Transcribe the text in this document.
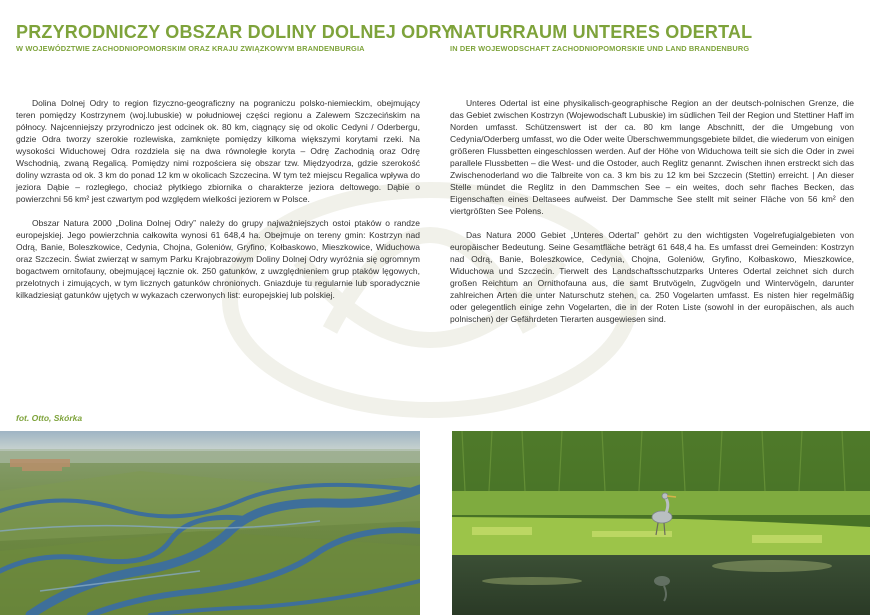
PRZYRODNICZY OBSZAR DOLINY DOLNEJ ODRY
W WOJEWÓDZTWIE ZACHODNIOPOMORSKIM ORAZ KRAJU ZWIĄZKOWYM BRANDENBURGIA

Dolina Dolnej Odry to region fizyczno-geograficzny na pograniczu polsko-niemieckim, obejmujący teren pomiędzy Kostrzynem (woj.lubuskie) w południowej części regionu a Zalewem Szczecińskim na północy. Najcenniejszy przyrodniczo jest odcinek ok. 80 km, ciągnący się od okolic Cedyni / Oderbergu, gdzie Odra tworzy szerokie rozlewiska, zamknięte pomiędzy kilkoma większymi korytami rzeki. Na wysokości Widuchowej Odra rozdziela się na dwa równoległe koryta – Odrę Zachodnią oraz Odrę Wschodnią, zwaną Regalicą. Pomiędzy nimi rozpościera się obszar tzw. Międzyodrza, gdzie szerokość doliny wzrasta od ok. 3 km do ponad 12 km w okolicach Szczecina. W tym też miejscu Regalica wpływa do jeziora Dąbie – rozległego, chociaż płytkiego zbiornika o charakterze jeziora deltowego. Dąbie o powierzchni 56 km² jest czwartym pod względem wielkości jeziorem w Polsce.

Obszar Natura 2000 „Dolina Dolnej Odry” należy do grupy najważniejszych ostoi ptaków o randze europejskiej. Jego powierzchnia całkowita wynosi 61 648,4 ha. Obejmuje on tereny gmin: Kostrzyn nad Odrą, Banie, Boleszkowice, Cedynia, Chojna, Goleniów, Gryfino, Kołbaskowo, Mieszkowice, Widuchowa oraz Szczecin. Świat zwierząt w samym Parku Krajobrazowym Doliny Dolnej Odry wyróżnia się ogromnym bogactwem ornitofauny, obejmującej łącznie ok. 250 gatunków, z uwzględnieniem grup ptaków lęgowych, przelotnych i zimujących, w tym licznych gatunków chronionych. Gniazduje tu regularnie lub sporadycznie kilkadziesiąt gatunków ujętych w wykazach czerwonych list: europejskiej lub polskiej.

NATURRAUM UNTERES ODERTAL
IN DER WOJEWODSCHAFT ZACHODNIOPOMORSKIE UND LAND BRANDENBURG

Unteres Odertal ist eine physikalisch-geographische Region an der deutsch-polnischen Grenze, die das Gebiet zwischen Kostrzyn (Wojewodschaft Lubuskie) im südlichen Teil der Region und Stettiner Haff im Norden umfasst. Schützenswert ist der ca. 80 km lange Abschnitt, der die Umgebung von Cedynia/Oderberg umfasst, wo die Oder weite Überschwemmungsgebiete bildet, die wiederum von einigen größeren Flussbetten eingeschlossen werden. Auf der Höhe von Widuchowa teilt sie sich die Oder in zwei parallele Flussbetten – die West- und die Ostoder, auch Reglitz genannt. Zwischen ihnen erstreckt sich das Zwischenoderland wo die Talbreite von ca. 3 km bis zu 12 km bei Szczecin (Stettin) erreicht. | An dieser Stelle mündet die Reglitz in den Dammschen See – ein weites, doch sehr flaches Becken, das Eigenschaften eines Deltasees aufweist. Der Dammsche See stellt mit seiner Fläche von 56 km² den viertgrößten See Polens.

Das Natura 2000 Gebiet „Unteres Odertal” gehört zu den wichtigsten Vogelrefugialgebieten von europäischer Bedeutung. Seine Gesamtfläche beträgt 61 648,4 ha. Es umfasst drei Gemeinden: Kostrzyn nad Odrą, Banie, Boleszkowice, Cedynia, Chojna, Goleniów, Gryfino, Kołbaskowo, Mieszkowice, Widuchowa und Szczecin. Tierwelt des Landschaftsschutzparks Unteres Odertal zeichnet sich durch großen Reichtum an Ornithofauna aus, die samt Brutvögeln, Zugvögeln und Wintervögeln, darunter zahlreichen Arten die unter Naturschutz stehen, ca. 250 Vogelarten umfasst. Es nisten hier regelmäßig oder gelegentlich einige zehn Vogelarten, die in der Roten Liste (sowohl in der europäischen, als auch polnischen) der Gefährdeten Tierarten ausgewiesen sind.

fot. Otto, Skórka
